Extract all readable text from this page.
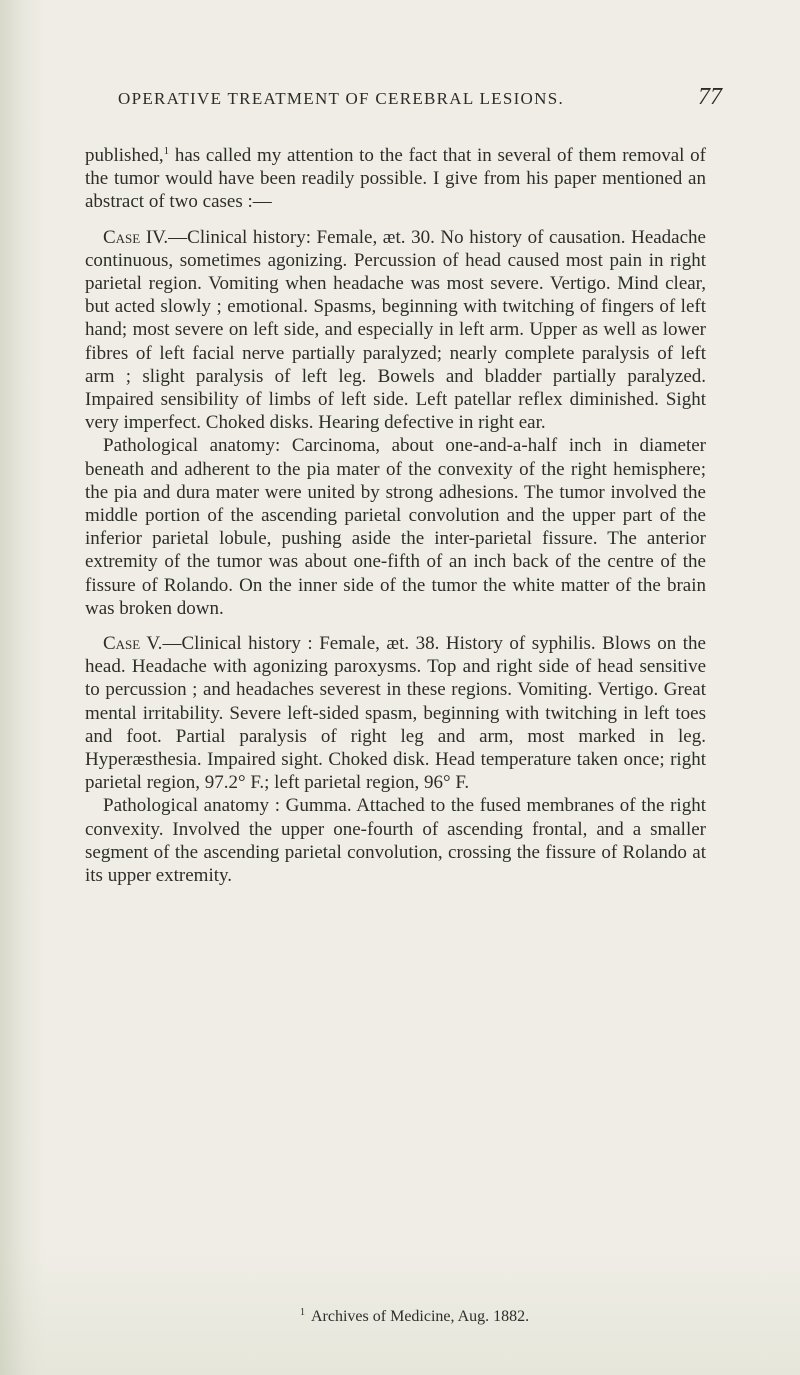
OPERATIVE TREATMENT OF CEREBRAL LESIONS.	77

published,$^1$ has called my attention to the fact that in several of them removal of the tumor would have been readily possible. I give from his paper mentioned an abstract of two cases :—

Case IV.—Clinical history: Female, æt. 30. No history of causation. Headache continuous, sometimes agonizing. Percussion of head caused most pain in right parietal region. Vomiting when headache was most severe. Vertigo. Mind clear, but acted slowly ; emotional. Spasms, beginning with twitching of fingers of left hand; most severe on left side, and especially in left arm. Upper as well as lower fibres of left facial nerve partially paralyzed; nearly complete paralysis of left arm ; slight paralysis of left leg. Bowels and bladder partially paralyzed. Impaired sensibility of limbs of left side. Left patellar reflex diminished. Sight very imperfect. Choked disks. Hearing defective in right ear.

Pathological anatomy: Carcinoma, about one-and-a-half inch in diameter beneath and adherent to the pia mater of the convexity of the right hemisphere; the pia and dura mater were united by strong adhesions. The tumor involved the middle portion of the ascending parietal convolution and the upper part of the inferior parietal lobule, pushing aside the inter-parietal fissure. The anterior extremity of the tumor was about one-fifth of an inch back of the centre of the fissure of Rolando. On the inner side of the tumor the white matter of the brain was broken down.

Case V.—Clinical history : Female, æt. 38. History of syphilis. Blows on the head. Headache with agonizing paroxysms. Top and right side of head sensitive to percussion ; and headaches severest in these regions. Vomiting. Vertigo. Great mental irritability. Severe left-sided spasm, beginning with twitching in left toes and foot. Partial paralysis of right leg and arm, most marked in leg. Hyperæsthesia. Impaired sight. Choked disk. Head temperature taken once; right parietal region, 97.2° F.; left parietal region, 96° F.

Pathological anatomy : Gumma. Attached to the fused membranes of the right convexity. Involved the upper one-fourth of ascending frontal, and a smaller segment of the ascending parietal convolution, crossing the fissure of Rolando at its upper extremity.

$^1$ Archives of Medicine, Aug. 1882.
